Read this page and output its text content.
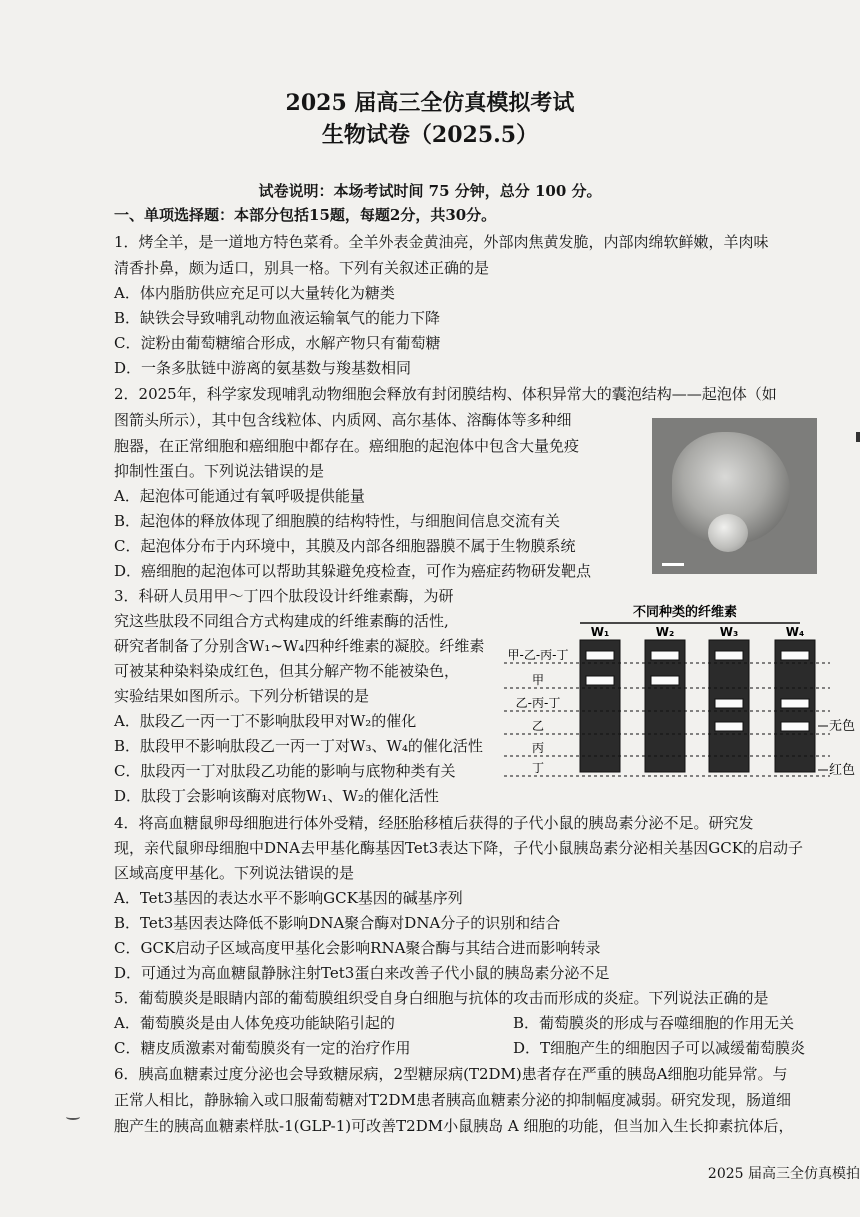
2025 届高三全仿真模拟考试
生物试卷（2025.5）
试卷说明：本场考试时间 75 分钟，总分 100 分。
一、单项选择题：本部分包括15题，每题2分，共30分。
1．烤全羊，是一道地方特色菜肴。全羊外表金黄油亮，外部肉焦黄发脆，内部肉绵软鲜嫩，羊肉味
清香扑鼻，颇为适口，别具一格。下列有关叙述正确的是
A．体内脂肪供应充足可以大量转化为糖类
B．缺铁会导致哺乳动物血液运输氧气的能力下降
C．淀粉由葡萄糖缩合形成，水解产物只有葡萄糖
D．一条多肽链中游离的氨基数与羧基数相同
2．2025年，科学家发现哺乳动物细胞会释放有封闭膜结构、体积异常大的囊泡结构——起泡体（如
图箭头所示），其中包含线粒体、内质网、高尔基体、溶酶体等多种细
胞器，在正常细胞和癌细胞中都存在。癌细胞的起泡体中包含大量免疫
抑制性蛋白。下列说法错误的是
A．起泡体可能通过有氧呼吸提供能量
B．起泡体的释放体现了细胞膜的结构特性，与细胞间信息交流有关
C．起泡体分布于内环境中，其膜及内部各细胞器膜不属于生物膜系统
D．癌细胞的起泡体可以帮助其躲避免疫检查，可作为癌症药物研发靶点
3．科研人员用甲～丁四个肽段设计纤维素酶，为研
究这些肽段不同组合方式构建成的纤维素酶的活性,
研究者制备了分别含W₁~W₄四种纤维素的凝胶。纤维素
可被某种染料染成红色，但其分解产物不能被染色，
实验结果如图所示。下列分析错误的是
A．肽段乙一丙一丁不影响肽段甲对W₂的催化
B．肽段甲不影响肽段乙一丙一丁对W₃、W₄的催化活性
C．肽段丙一丁对肽段乙功能的影响与底物种类有关
D．肽段丁会影响该酶对底物W₁、W₂的催化活性
不同种类的纤维素
W₁	W₂	W₃	W₄
甲-乙-丙-丁
甲
乙-丙-丁
乙
丙
丁
无色
红色
4．将高血糖鼠卵母细胞进行体外受精，经胚胎移植后获得的子代小鼠的胰岛素分泌不足。研究发
现，亲代鼠卵母细胞中DNA去甲基化酶基因Tet3表达下降，子代小鼠胰岛素分泌相关基因GCK的启动子
区域高度甲基化。下列说法错误的是
A．Tet3基因的表达水平不影响GCK基因的碱基序列
B．Tet3基因表达降低不影响DNA聚合酶对DNA分子的识别和结合
C．GCK启动子区域高度甲基化会影响RNA聚合酶与其结合进而影响转录
D．可通过为高血糖鼠静脉注射Tet3蛋白来改善子代小鼠的胰岛素分泌不足
5．葡萄膜炎是眼睛内部的葡萄膜组织受自身白细胞与抗体的攻击而形成的炎症。下列说法正确的是
A．葡萄膜炎是由人体免疫功能缺陷引起的	B．葡萄膜炎的形成与吞噬细胞的作用无关
C．糖皮质激素对葡萄膜炎有一定的治疗作用	D．T细胞产生的细胞因子可以减缓葡萄膜炎
6．胰高血糖素过度分泌也会导致糖尿病，2型糖尿病(T2DM)患者存在严重的胰岛A细胞功能异常。与
正常人相比，静脉输入或口服葡萄糖对T2DM患者胰高血糖素分泌的抑制幅度减弱。研究发现，肠道细
胞产生的胰高血糖素样肽-1(GLP-1)可改善T2DM小鼠胰岛 A 细胞的功能，但当加入生长抑素抗体后，
2025 届高三全仿真模拍
